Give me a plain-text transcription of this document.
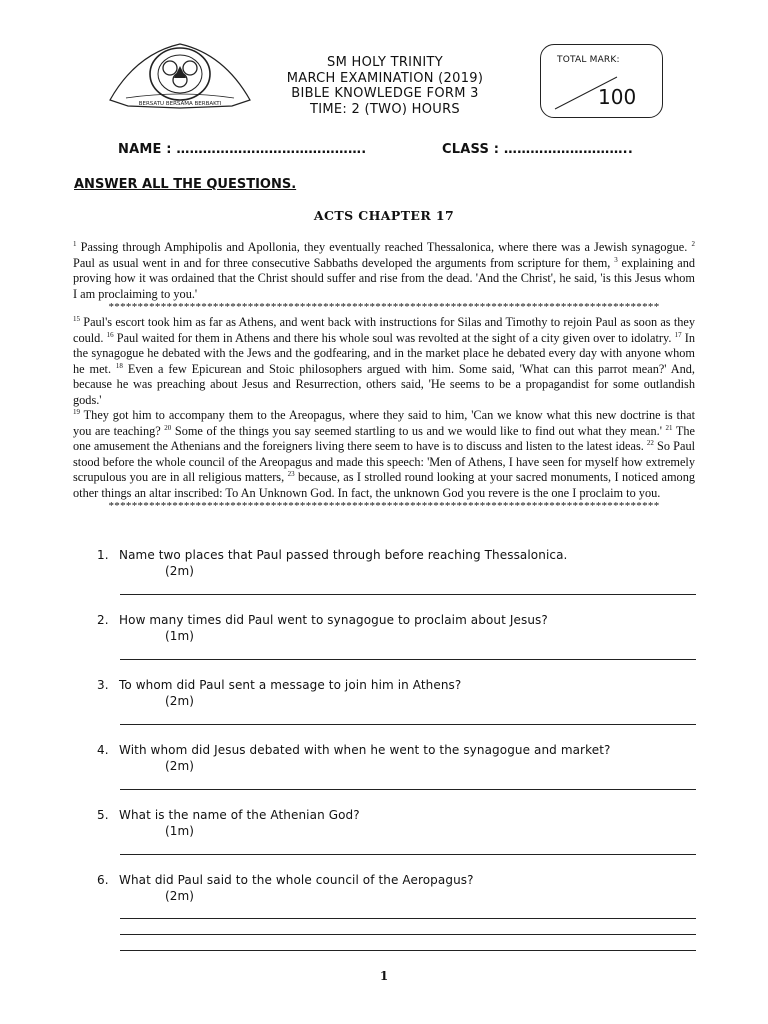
BERSATU BERSAMA BERBAKTI
SM HOLY TRINITY
MARCH EXAMINATION (2019)
BIBLE KNOWLEDGE FORM 3
TIME: 2 (TWO) HOURS
TOTAL MARK:
100
NAME : …………………………………….	CLASS : ………………………..
ANSWER ALL THE QUESTIONS.
ACTS CHAPTER 17

$^1$ Passing through Amphipolis and Apollonia, they eventually reached Thessalonica, where there was a Jewish synagogue. $^2$ Paul as usual went in and for three consecutive Sabbaths developed the arguments from scripture for them, $^3$ explaining and proving how it was ordained that the Christ should suffer and rise from the dead. 'And the Christ', he said, 'is this Jesus whom I am proclaiming to you.'

***********************************************************************************************

$^{15}$ Paul's escort took him as far as Athens, and went back with instructions for Silas and Timothy to rejoin Paul as soon as they could. $^{16}$ Paul waited for them in Athens and there his whole soul was revolted at the sight of a city given over to idolatry. $^{17}$ In the synagogue he debated with the Jews and the godfearing, and in the market place he debated every day with anyone whom he met. $^{18}$ Even a few Epicurean and Stoic philosophers argued with him. Some said, 'What can this parrot mean?' And, because he was preaching about Jesus and Resurrection, others said, 'He seems to be a propagandist for some outlandish gods.'

$^{19}$ They got him to accompany them to the Areopagus, where they said to him, 'Can we know what this new doctrine is that you are teaching? $^{20}$ Some of the things you say seemed startling to us and we would like to find out what they mean.' $^{21}$ The one amusement the Athenians and the foreigners living there seem to have is to discuss and listen to the latest ideas. $^{22}$ So Paul stood before the whole council of the Areopagus and made this speech: 'Men of Athens, I have seen for myself how extremely scrupulous you are in all religious matters, $^{23}$ because, as I strolled round looking at your sacred monuments, I noticed among other things an altar inscribed: To An Unknown God. In fact, the unknown God you revere is the one I proclaim to you.

***********************************************************************************************
1. Name two places that Paul passed through before reaching Thessalonica.
(2m)
2. How many times did Paul went to synagogue to proclaim about Jesus?
(1m)
3. To whom did Paul sent a message to join him in Athens?
(2m)
4. With whom did Jesus debated with when he went to the synagogue and market?
(2m)
5. What is the name of the Athenian God?
(1m)
6. What did Paul said to the whole council of the Aeropagus?
(2m)
1
